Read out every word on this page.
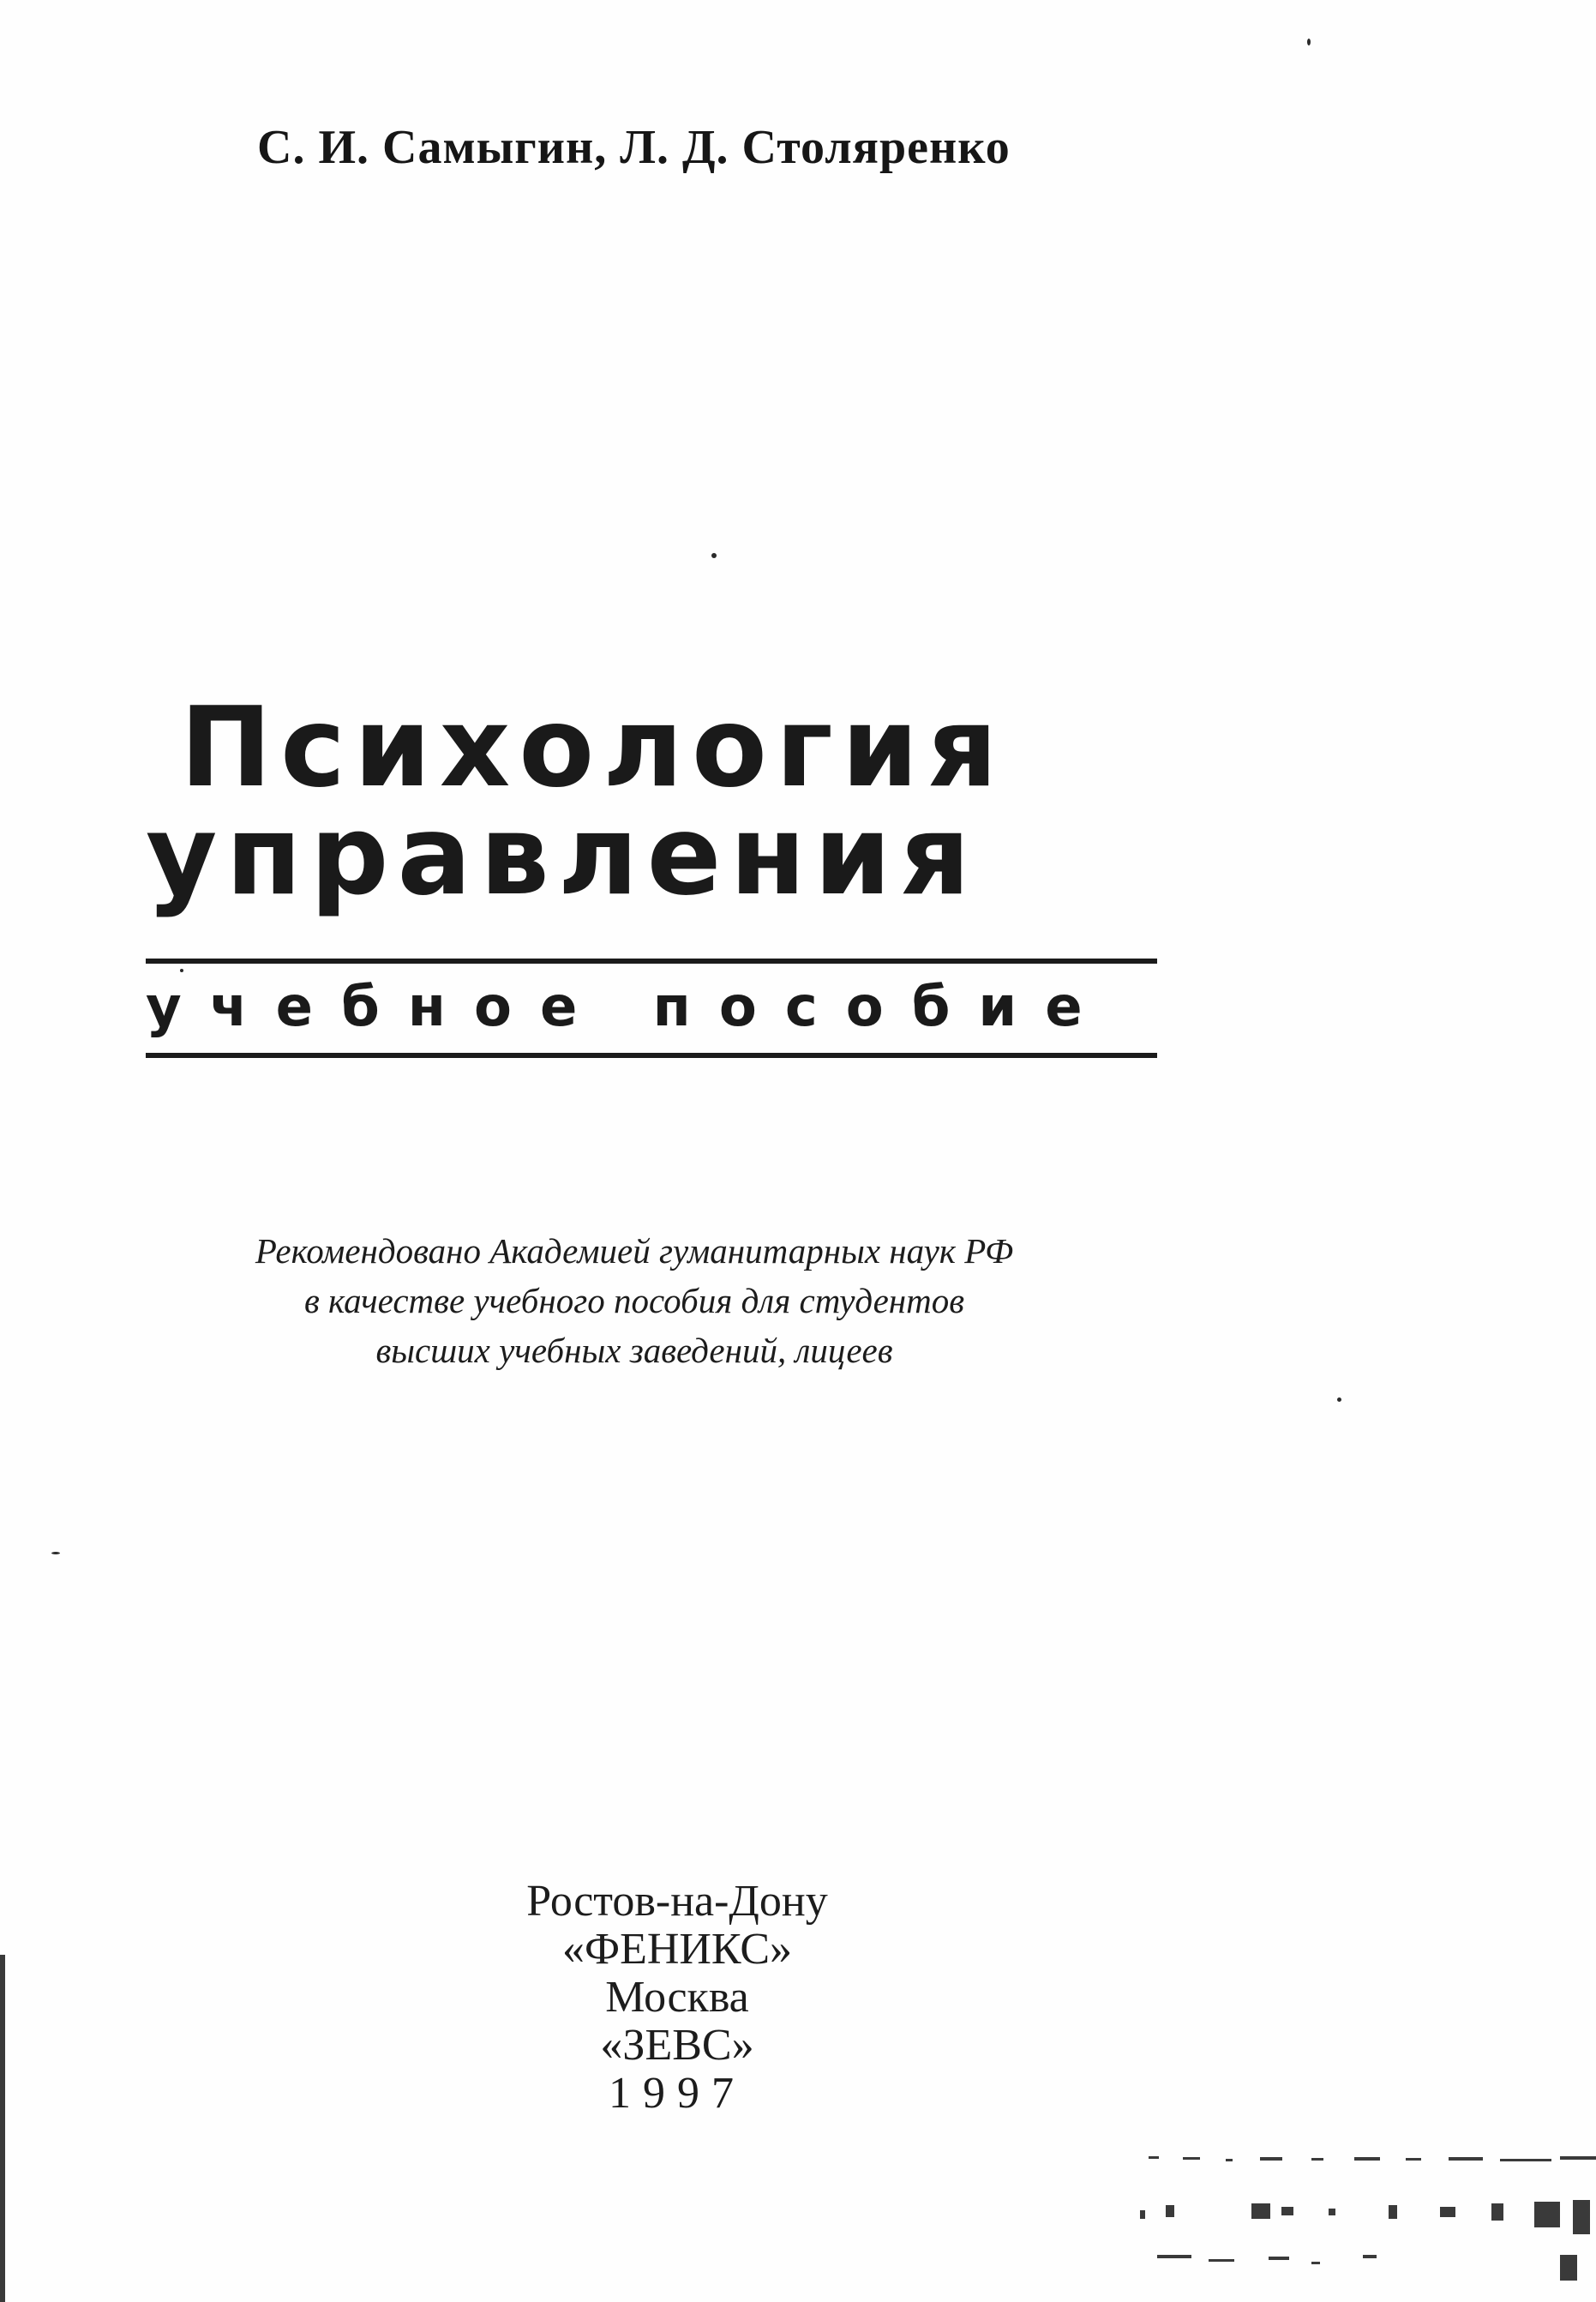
С. И. Самыгин, Л. Д. Столяренко
Психология
управления
учебное пособие
Рекомендовано Академией гуманитарных наук РФ
в качестве учебного пособия для студентов
высших учебных заведений, лицеев
Ростов-на-Дону
«ФЕНИКС»
Москва
«ЗЕВС»
1997
